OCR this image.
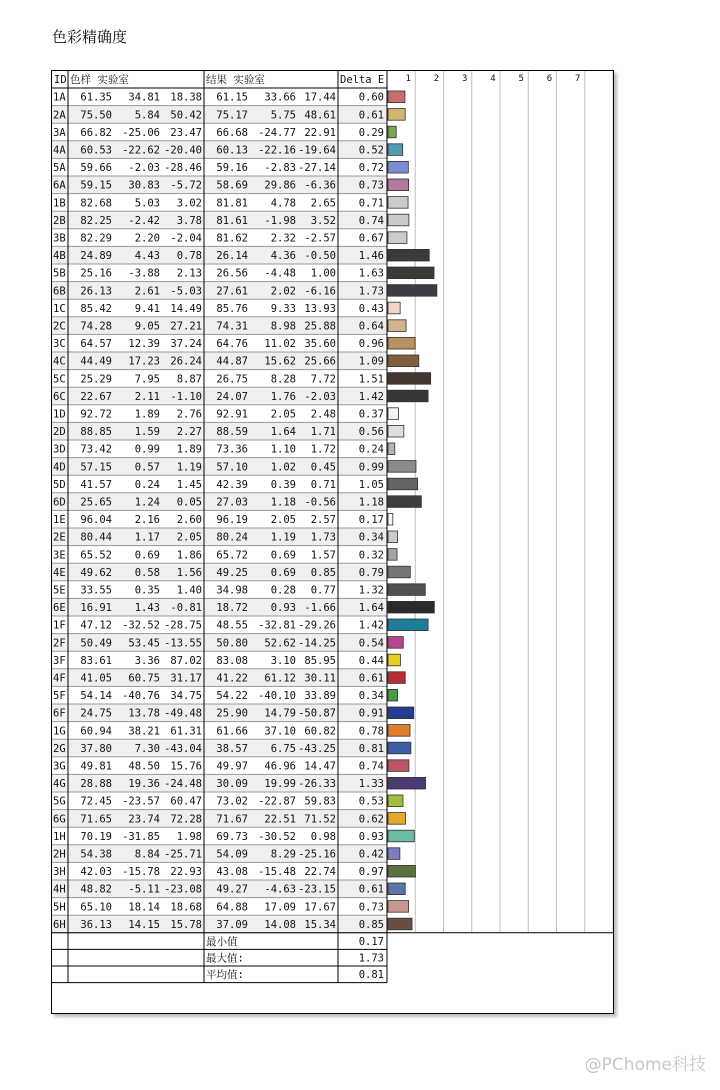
色彩精确度
ID 色样 实验室	结果 实验室	Delta E 1	2	3	4	5	6	7
1A 61.35 34.81 18.38 61.15 33.66 17.44 0.60
2A 75.50 5.84 50.42 75.17 5.75 48.61 0.61
3A 66.82 -25.06 23.47 66.68 -24.77 22.91 0.29
4A 60.53 -22.62 -20.40 60.13 -22.16 -19.64 0.52
5A 59.66 -2.03 -28.46 59.16 -2.83 -27.14 0.72
6A 59.15 30.83 -5.72 58.69 29.86 -6.36 0.73
1B 82.68 5.03 3.02 81.81 4.78 2.65 0.71
2B 82.25 -2.42 3.78 81.61 -1.98 3.52 0.74
3B 82.29 2.20 -2.04 81.62 2.32 -2.57 0.67
4B 24.89 4.43 0.78 26.14 4.36 -0.50 1.46
5B 25.16 -3.88 2.13 26.56 -4.48 1.00 1.63
6B 26.13 2.61 -5.03 27.61 2.02 -6.16 1.73
1C 85.42 9.41 14.49 85.76 9.33 13.93 0.43
2C 74.28 9.05 27.21 74.31 8.98 25.88 0.64
3C 64.57 12.39 37.24 64.76 11.02 35.60 0.96
4C 44.49 17.23 26.24 44.87 15.62 25.66 1.09
5C 25.29 7.95 8.87 26.75 8.28 7.72 1.51
6C 22.67 2.11 -1.10 24.07 1.76 -2.03 1.42
1D 92.72 1.89 2.76 92.91 2.05 2.48 0.37
2D 88.85 1.59 2.27 88.59 1.64 1.71 0.56
3D 73.42 0.99 1.89 73.36 1.10 1.72 0.24
4D 57.15 0.57 1.19 57.10 1.02 0.45 0.99
5D 41.57 0.24 1.45 42.39 0.39 0.71 1.05
6D 25.65 1.24 0.05 27.03 1.18 -0.56 1.18
1E 96.04 2.16 2.60 96.19 2.05 2.57 0.17
2E 80.44 1.17 2.05 80.24 1.19 1.73 0.34
3E 65.52 0.69 1.86 65.72 0.69 1.57 0.32
4E 49.62 0.58 1.56 49.25 0.69 0.85 0.79
5E 33.55 0.35 1.40 34.98 0.28 0.77 1.32
6E 16.91 1.43 -0.81 18.72 0.93 -1.66 1.64
1F 47.12 -32.52 -28.75 48.55 -32.81 -29.26 1.42
2F 50.49 53.45 -13.55 50.80 52.62 -14.25 0.54
3F 83.61 3.36 87.02 83.08 3.10 85.95 0.44
4F 41.05 60.75 31.17 41.22 61.12 30.11 0.61
5F 54.14 -40.76 34.75 54.22 -40.10 33.89 0.34
6F 24.75 13.78 -49.48 25.90 14.79 -50.87 0.91
1G 60.94 38.21 61.31 61.66 37.10 60.82 0.78
2G 37.80 7.30 -43.04 38.57 6.75 -43.25 0.81
3G 49.81 48.50 15.76 49.97 46.96 14.47 0.74
4G 28.88 19.36 -24.48 30.09 19.99 -26.33 1.33
5G 72.45 -23.57 60.47 73.02 -22.87 59.83 0.53
6G 71.65 23.74 72.28 71.67 22.51 71.52 0.62
1H 70.19 -31.85 1.98 69.73 -30.52 0.98 0.93
2H 54.38 8.84 -25.71 54.09 8.29 -25.16 0.42
3H 42.03 -15.78 22.93 43.08 -15.48 22.74 0.97
4H 48.82 -5.11 -23.08 49.27 -4.63 -23.15 0.61
5H 65.10 18.14 18.68 64.88 17.09 17.67 0.73
6H 36.13 14.15 15.78 37.09 14.08 15.34 0.85
最小值	0.17
最大值:	1.73
平均值:	0.81
@PChome科技
